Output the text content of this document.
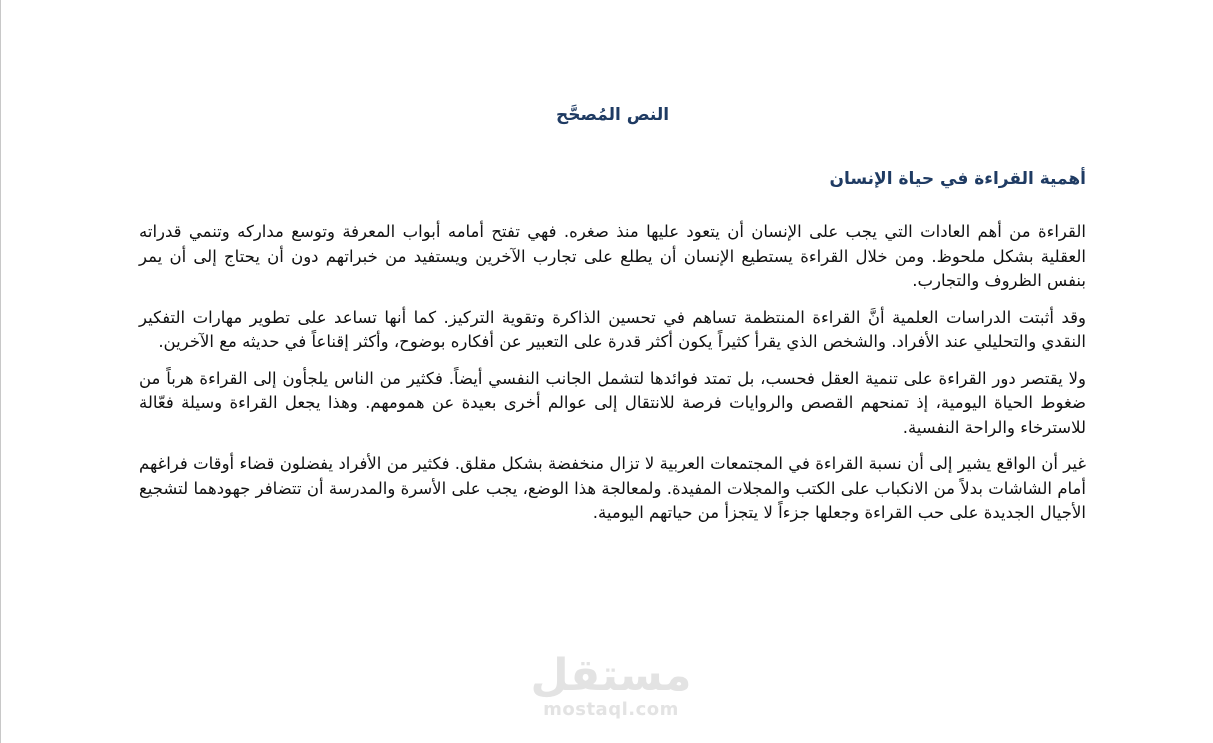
النص المُصحَّح
أهمية القراءة في حياة الإنسان

القراءة من أهم العادات التي يجب على الإنسان أن يتعود عليها منذ صغره. فهي تفتح أمامه أبواب المعرفة وتوسع مداركه وتنمي قدراته العقلية بشكل ملحوظ. ومن خلال القراءة يستطيع الإنسان أن يطلع على تجارب الآخرين ويستفيد من خبراتهم دون أن يحتاج إلى أن يمر بنفس الظروف والتجارب.

وقد أثبتت الدراسات العلمية أنَّ القراءة المنتظمة تساهم في تحسين الذاكرة وتقوية التركيز. كما أنها تساعد على تطوير مهارات التفكير النقدي والتحليلي عند الأفراد. والشخص الذي يقرأ كثيراً يكون أكثر قدرة على التعبير عن أفكاره بوضوح، وأكثر إقناعاً في حديثه مع الآخرين.

ولا يقتصر دور القراءة على تنمية العقل فحسب، بل تمتد فوائدها لتشمل الجانب النفسي أيضاً. فكثير من الناس يلجأون إلى القراءة هرباً من ضغوط الحياة اليومية، إذ تمنحهم القصص والروايات فرصة للانتقال إلى عوالم أخرى بعيدة عن همومهم. وهذا يجعل القراءة وسيلة فعّالة للاسترخاء والراحة النفسية.

غير أن الواقع يشير إلى أن نسبة القراءة في المجتمعات العربية لا تزال منخفضة بشكل مقلق. فكثير من الأفراد يفضلون قضاء أوقات فراغهم أمام الشاشات بدلاً من الانكباب على الكتب والمجلات المفيدة. ولمعالجة هذا الوضع، يجب على الأسرة والمدرسة أن تتضافر جهودهما لتشجيع الأجيال الجديدة على حب القراءة وجعلها جزءاً لا يتجزأ من حياتهم اليومية.

مستقل
mostaql.com
